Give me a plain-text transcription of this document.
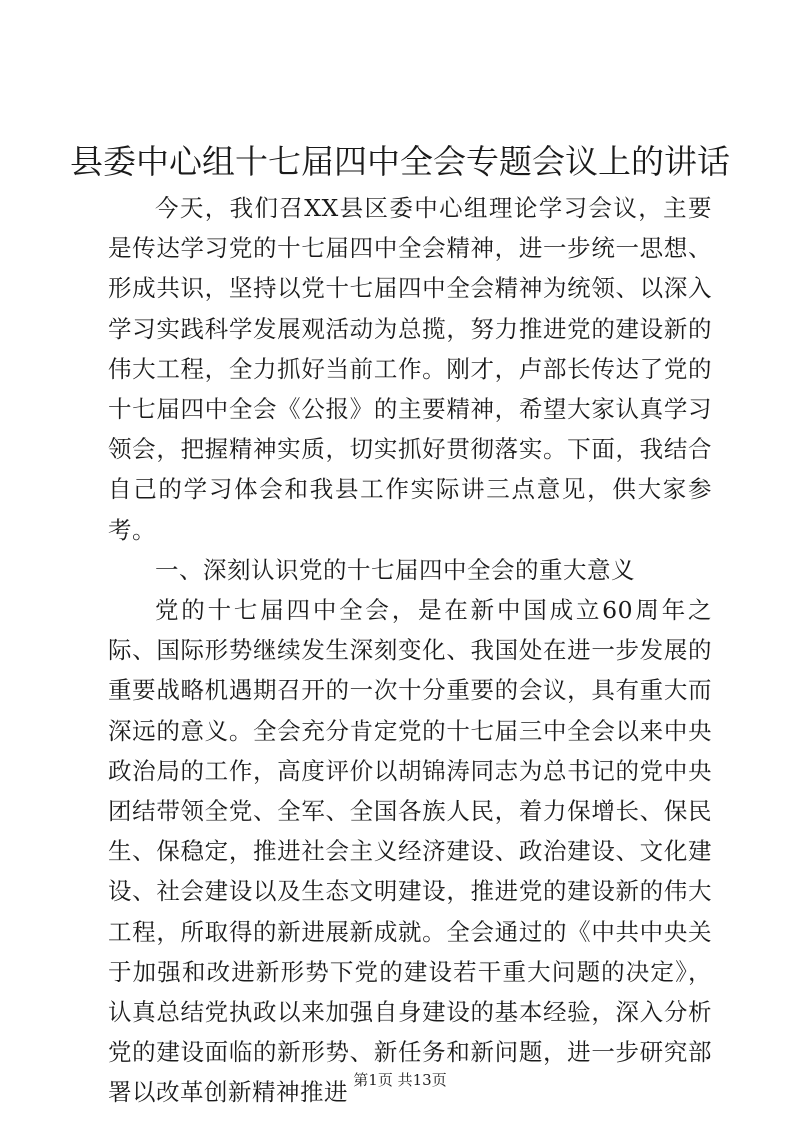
县委中心组十七届四中全会专题会议上的讲话

今天，我们召XX县区委中心组理论学习会议，主要是传达学习党的十七届四中全会精神，进一步统一思想、形成共识，坚持以党十七届四中全会精神为统领、以深入学习实践科学发展观活动为总揽，努力推进党的建设新的伟大工程，全力抓好当前工作。刚才，卢部长传达了党的十七届四中全会《公报》的主要精神，希望大家认真学习领会，把握精神实质，切实抓好贯彻落实。下面，我结合自己的学习体会和我县工作实际讲三点意见，供大家参考。

一、深刻认识党的十七届四中全会的重大意义

党的十七届四中全会，是在新中国成立60周年之际、国际形势继续发生深刻变化、我国处在进一步发展的重要战略机遇期召开的一次十分重要的会议，具有重大而深远的意义。全会充分肯定党的十七届三中全会以来中央政治局的工作，高度评价以胡锦涛同志为总书记的党中央团结带领全党、全军、全国各族人民，着力保增长、保民生、保稳定，推进社会主义经济建设、政治建设、文化建设、社会建设以及生态文明建设，推进党的建设新的伟大工程，所取得的新进展新成就。全会通过的《中共中央关于加强和改进新形势下党的建设若干重大问题的决定》，认真总结党执政以来加强自身建设的基本经验，深入分析党的建设面临的新形势、新任务和新问题，进一步研究部署以改革创新精神推进 第1页 共13页
